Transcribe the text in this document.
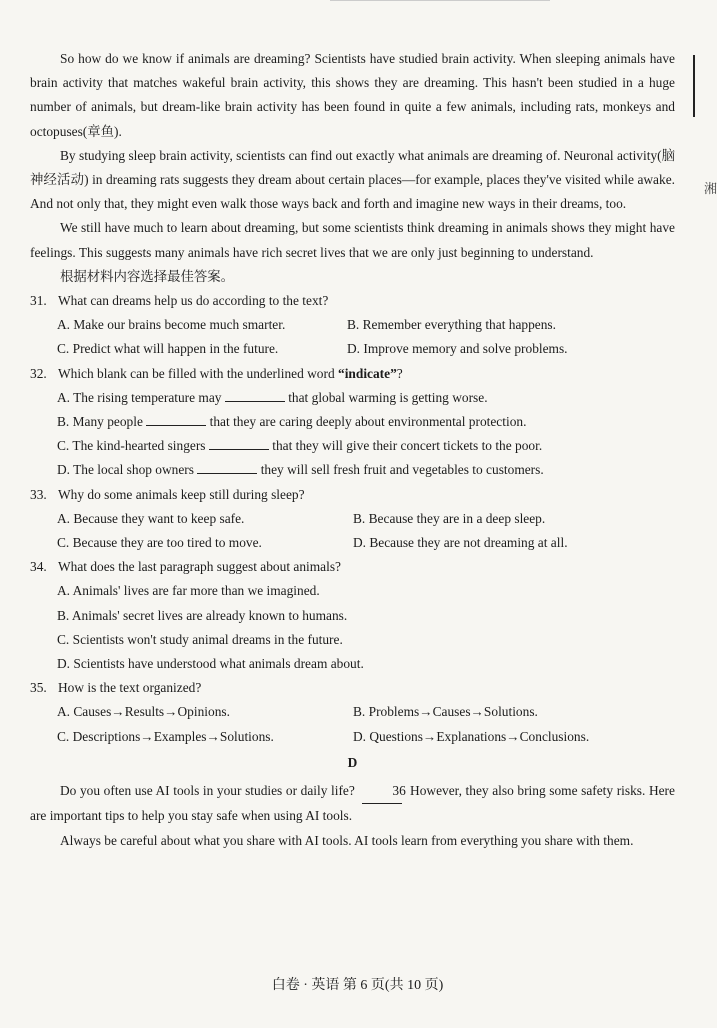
湘

So how do we know if animals are dreaming? Scientists have studied brain activity. When sleeping animals have brain activity that matches wakeful brain activity, this shows they are dreaming. This hasn't been studied in a huge number of animals, but dream-like brain activity has been found in quite a few animals, including rats, monkeys and octopuses(章鱼).

By studying sleep brain activity, scientists can find out exactly what animals are dreaming of. Neuronal activity(脑神经活动) in dreaming rats suggests they dream about certain places—for example, places they've visited while awake. And not only that, they might even walk those ways back and forth and imagine new ways in their dreams, too.

We still have much to learn about dreaming, but some scientists think dreaming in animals shows they might have feelings. This suggests many animals have rich secret lives that we are only just beginning to understand.

根据材料内容选择最佳答案。

31. What can dreams help us do according to the text?
A. Make our brains become much smarter.	B. Remember everything that happens.
C. Predict what will happen in the future.	D. Improve memory and solve problems.
32. Which blank can be filled with the underlined word “indicate”?
A. The rising temperature may	that global warming is getting worse.
B. Many people	that they are caring deeply about environmental protection.
C. The kind-hearted singers	that they will give their concert tickets to the poor.
D. The local shop owners	they will sell fresh fruit and vegetables to customers.
33. Why do some animals keep still during sleep?
A. Because they want to keep safe.	B. Because they are in a deep sleep.
C. Because they are too tired to move.	D. Because they are not dreaming at all.
34. What does the last paragraph suggest about animals?
A. Animals' lives are far more than we imagined.
B. Animals' secret lives are already known to humans.
C. Scientists won't study animal dreams in the future.
D. Scientists have understood what animals dream about.
35. How is the text organized?
A. Causes→Results→Opinions.	B. Problems→Causes→Solutions.
C. Descriptions→Examples→Solutions.	D. Questions→Explanations→Conclusions.
D

Do you often use AI tools in your studies or daily life?	36 However, they also bring some safety risks. Here are important tips to help you stay safe when using AI tools.

Always be careful about what you share with AI tools. AI tools learn from everything you share with them.

白卷 · 英语 第 6 页(共 10 页)
